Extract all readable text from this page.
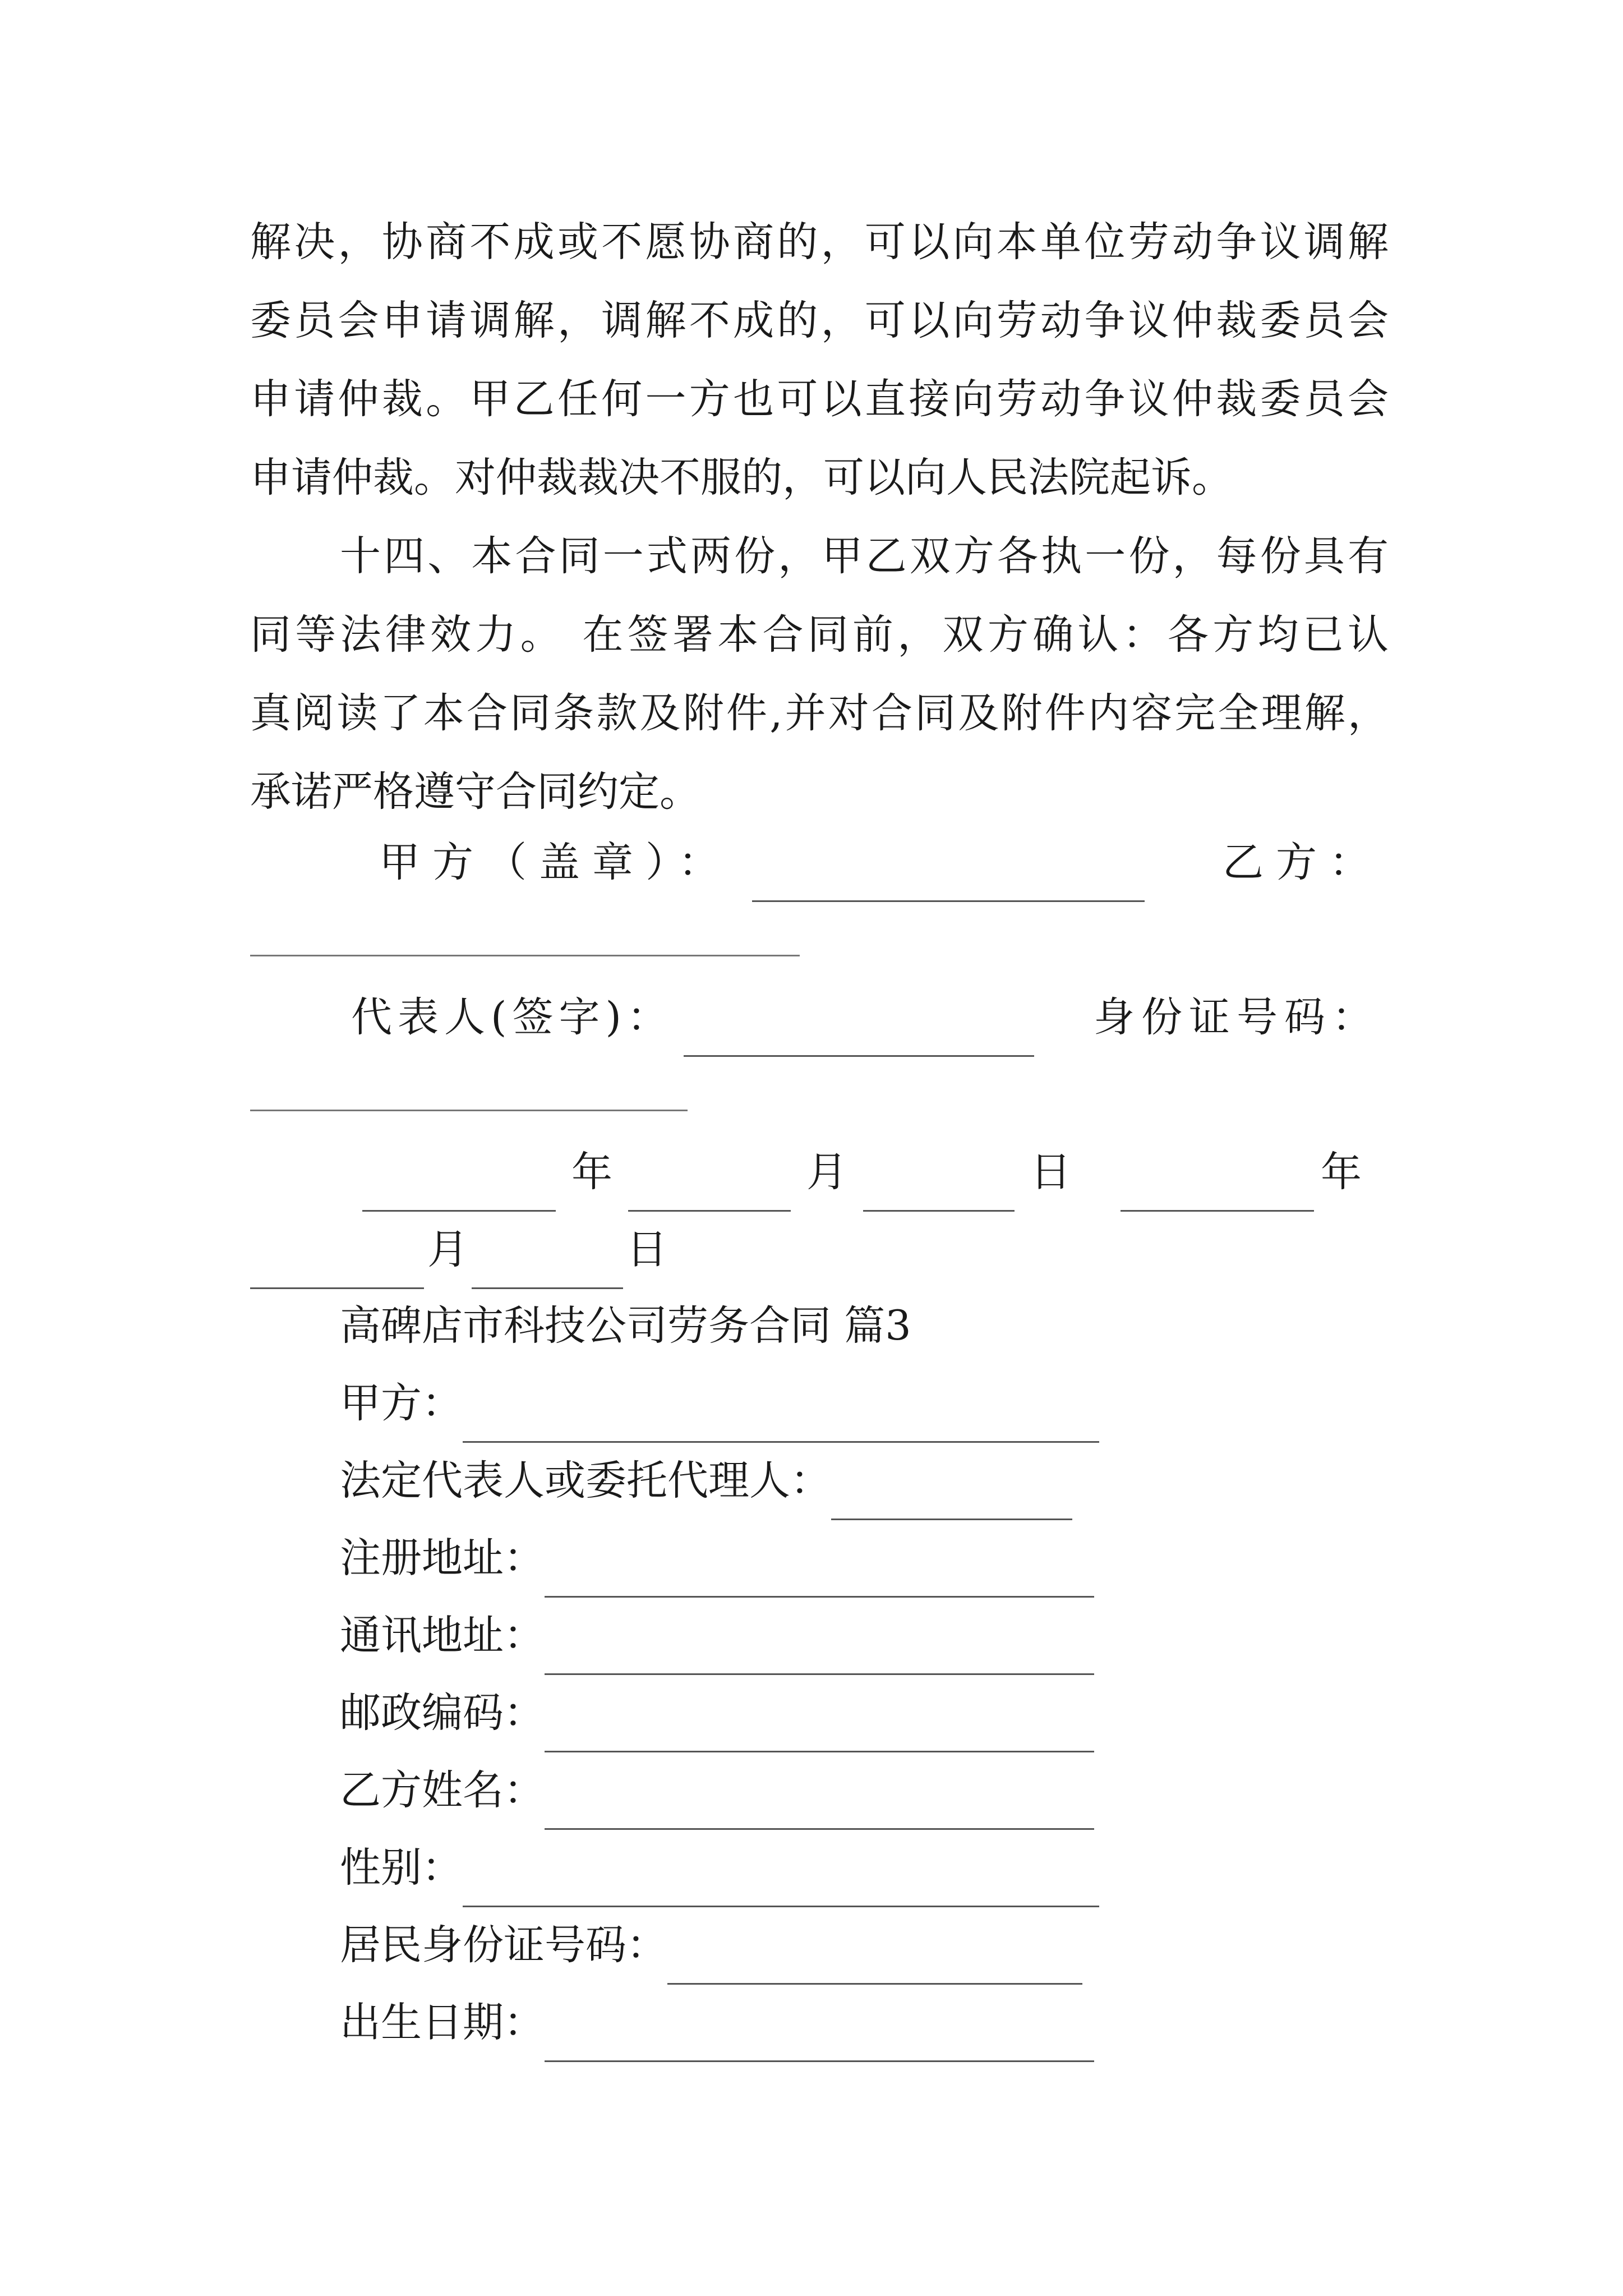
解决，协商不成或不愿协商的，可以向本单位劳动争议调解
委员会申请调解，调解不成的，可以向劳动争议仲裁委员会
申请仲裁。甲乙任何一方也可以直接向劳动争议仲裁委员会
申请仲裁。对仲裁裁决不服的，可以向人民法院起诉。
十四、本合同一式两份，甲乙双方各执一份，每份具有
同等法律效力。 在签署本合同前，双方确认：各方均已认
真阅读了本合同条款及附件,并对合同及附件内容完全理解，
承诺严格遵守合同约定。
甲方（盖章）：	乙方：
代表人(签字)：	身份证号码：
年	月	日	年
月	日
高碑店市科技公司劳务合同 篇3
甲方：
法定代表人或委托代理人：
注册地址：
通讯地址：
邮政编码：
乙方姓名：
性别：
居民身份证号码：
出生日期：
